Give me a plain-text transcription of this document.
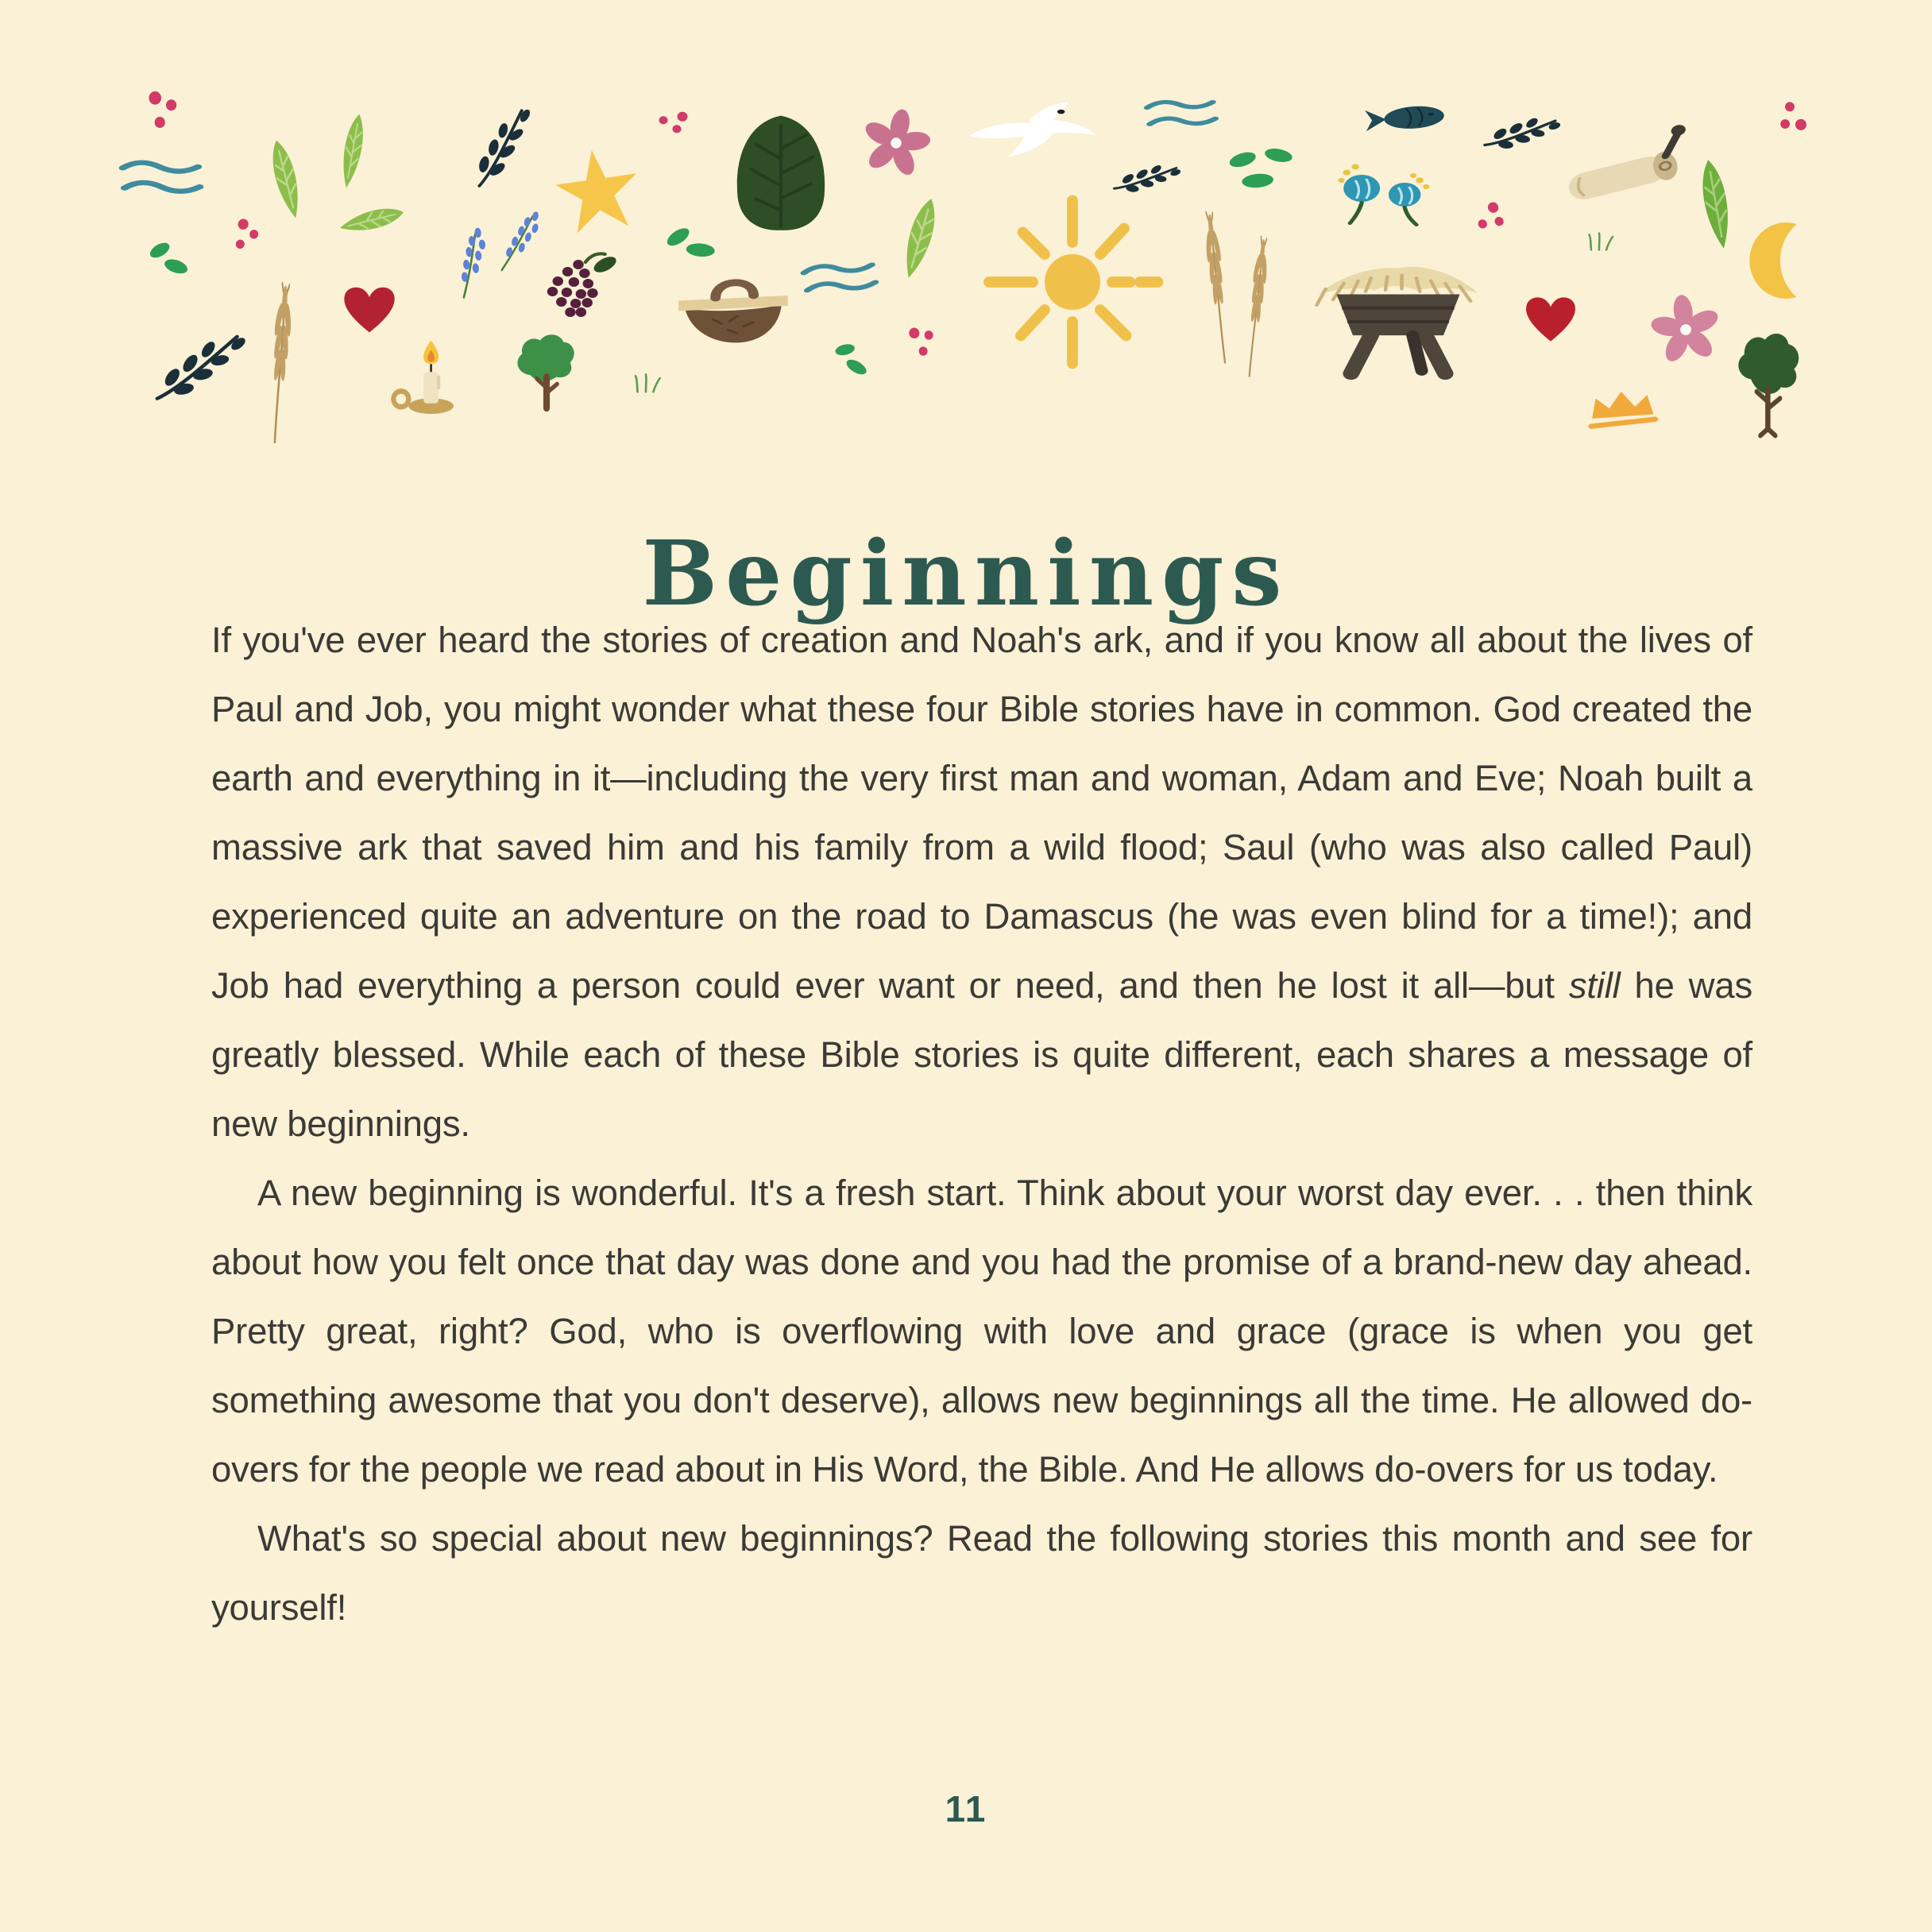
Beginnings

If you've ever heard the stories of creation and Noah's ark, and if you know all about the lives of Paul and Job, you might wonder what these four Bible stories have in common. God created the earth and everything in it—including the very first man and woman, Adam and Eve; Noah built a massive ark that saved him and his family from a wild flood; Saul (who was also called Paul) experienced quite an adventure on the road to Damascus (he was even blind for a time!); and Job had everything a person could ever want or need, and then he lost it all—but still he was greatly blessed. While each of these Bible stories is quite different, each shares a message of new beginnings.

A new beginning is wonderful. It's a fresh start. Think about your worst day ever. . . then think about how you felt once that day was done and you had the promise of a brand-new day ahead. Pretty great, right? God, who is overflowing with love and grace (grace is when you get something awesome that you don't deserve), allows new beginnings all the time. He allowed do-overs for the people we read about in His Word, the Bible. And He allows do-overs for us today.

What's so special about new beginnings? Read the following stories this month and see for yourself!

11
